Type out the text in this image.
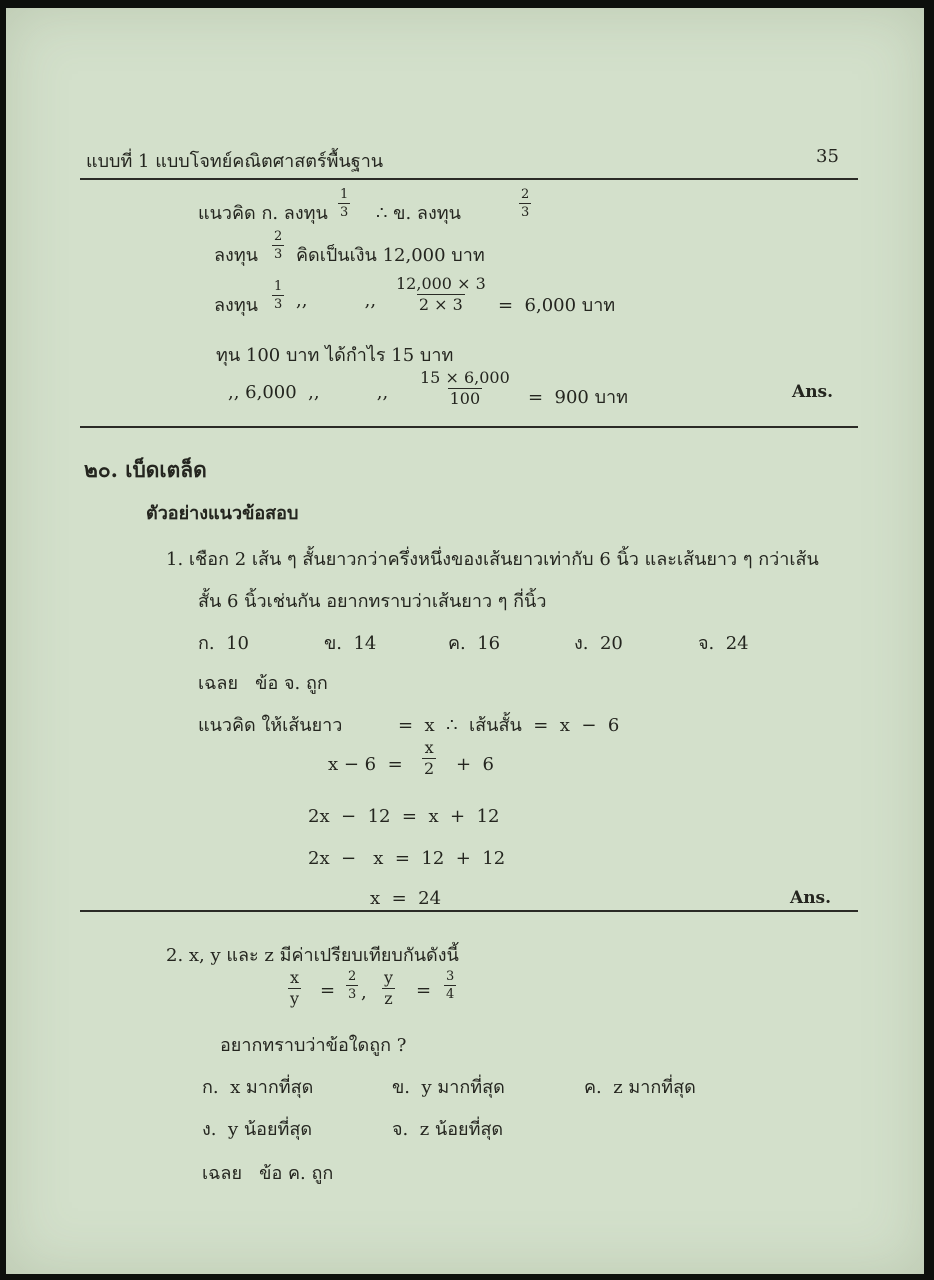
แบบที่ 1 แบบโจทย์คณิตศาสตร์พื้นฐาน	35
แนวคิด ก. ลงทุน $\frac{1}{3}$ ∴ ข. ลงทุน	$\frac{2}{3}$
ลงทุน $\frac{2}{3}$ คิดเป็นเงิน 12,000 บาท
ลงทุน $\frac{1}{3}$ ,,          ,, $\frac{12,000 \times 3}{2 \times 3} = 6,000$ บาท
ทุน 100 บาท ได้กำไร 15 บาท
,, 6,000  ,,          ,, $\frac{15 \times 6,000}{100} = 900$ บาท	Ans.
๒๐. เบ็ดเตล็ด
ตัวอย่างแนวข้อสอบ
1. เชือก 2 เส้น ๆ สั้นยาวกว่าครึ่งหนึ่งของเส้นยาวเท่ากับ 6 นิ้ว และเส้นยาว ๆ กว่าเส้น
สั้น 6 นิ้วเช่นกัน อยากทราบว่าเส้นยาว ๆ กี่นิ้ว
ก.  10	ข.  14	ค.  16	ง.  20	จ.  24
เฉลย   ข้อ จ. ถูก
แนวคิด ให้เส้นยาว	=  x  ∴  เส้นสั้น  =  x  −  6
$x - 6 = \frac{x}{2} + 6$
2x  −  12  =  x  +  12
2x  −   x  =  12  +  12
x  =  24	Ans.
2. x, y และ z มีค่าเปรียบเทียบกันดังนี้
$\frac{x}{y} = \frac{2}{3}$ , $\frac{y}{z} = \frac{3}{4}$
อยากทราบว่าข้อใดถูก ?
ก.  x มากที่สุด	ข.  y มากที่สุด	ค.  z มากที่สุด
ง.  y น้อยที่สุด	จ.  z น้อยที่สุด
เฉลย   ข้อ ค. ถูก
